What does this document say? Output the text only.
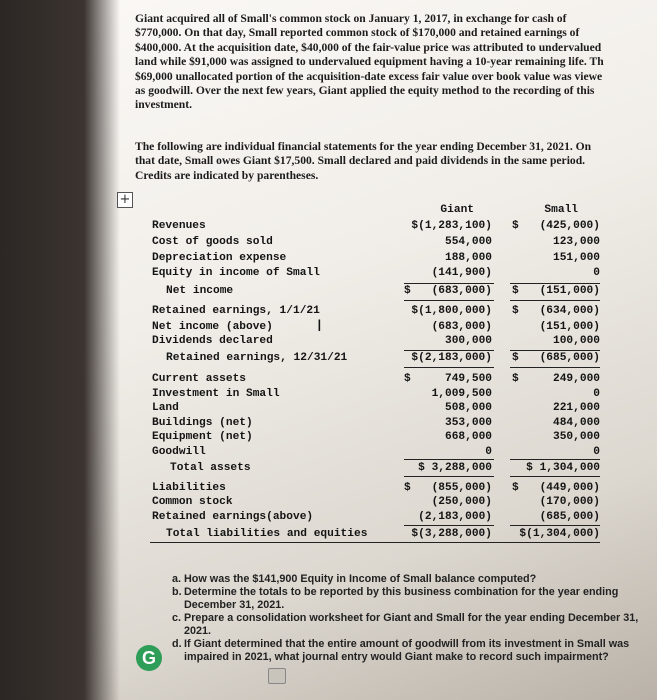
Giant acquired all of Small's common stock on January 1, 2017, in exchange for cash of
$770,000. On that day, Small reported common stock of $170,000 and retained earnings of
$400,000. At the acquisition date, $40,000 of the fair-value price was attributed to undervalued
land while $91,000 was assigned to undervalued equipment having a 10-year remaining life. Th
$69,000 unallocated portion of the acquisition-date excess fair value over book value was viewe
as goodwill. Over the next few years, Giant applied the equity method to the recording of this
investment.
The following are individual financial statements for the year ending December 31, 2021. On
that date, Small owes Giant $17,500. Small declared and paid dividends in the same period.
Credits are indicated by parentheses.
+
Giant	Small
Revenues	$(1,283,100) $ (425,000)
Cost of goods sold	554,000	123,000
Depreciation expense	188,000	151,000
Equity in income of Small	(141,900)	0
Net income	$ (683,000) $ (151,000)
Retained earnings, 1/1/21	$(1,800,000) $ (634,000)
Net income (above)	(683,000)	(151,000)
Dividends declared	300,000	100,000
Retained earnings, 12/31/21	$(2,183,000) $ (685,000)
Current assets	$	749,500 $	249,000
Investment in Small	1,009,500	0
Land	508,000	221,000
Buildings (net)	353,000	484,000
Equipment (net)	668,000	350,000
Goodwill	0	0
Total assets	$ 3,288,000	$ 1,304,000
Liabilities	$ (855,000) $ (449,000)
Common stock	(250,000)	(170,000)
Retained earnings(above)	(2,183,000)	(685,000)
Total liabilities and equities	$(3,288,000) $(1,304,000)
I
a. How was the $141,900 Equity in Income of Small balance computed?
b. Determine the totals to be reported by this business combination for the year ending December 31, 2021.
c. Prepare a consolidation worksheet for Giant and Small for the year ending December 31, 2021.
d. If Giant determined that the entire amount of goodwill from its investment in Small was impaired in 2021, what journal entry would Giant make to record such impairment?
G
